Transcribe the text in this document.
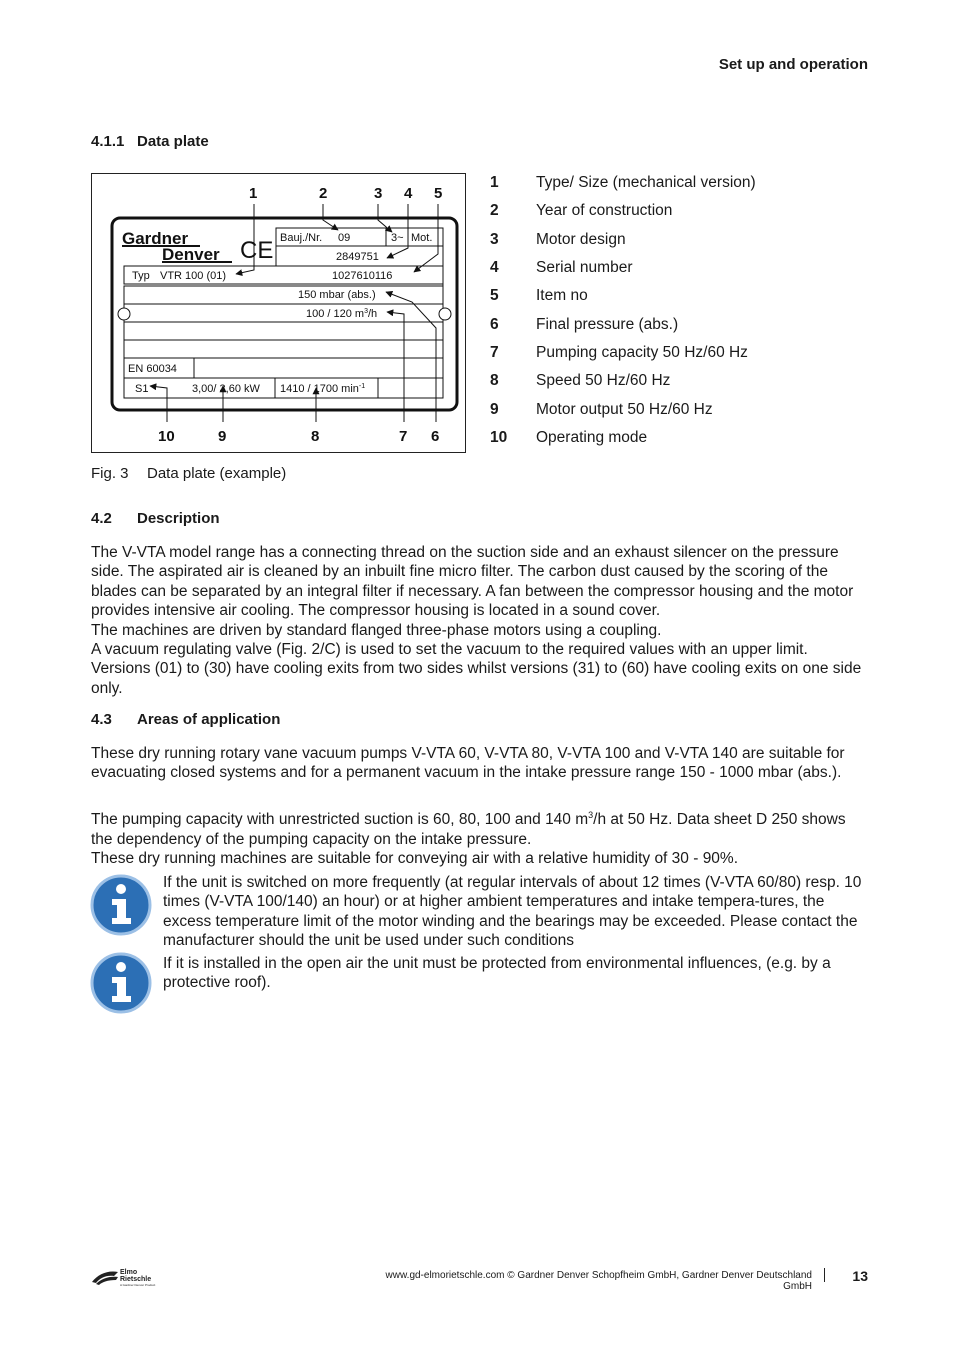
Set up and operation
4.1.1 Data plate
CE
Gardner
Denver
Bauj./Nr. 09	3~ Mot.
2849751
Typ VTR 100 (01)	1027610116
150 mbar (abs.)
100 / 120 $m^3/h$
EN 60034
S1	3,00/ 3,60 kW 1410 / 1700 $\min^{-1}$
1	2	3 4 5
10	9	8	7 6
1	Type/ Size (mechanical version)
2	Year of construction
3	Motor design
4	Serial number
5	Item no
6	Final pressure (abs.)
7	Pumping capacity 50 Hz/60 Hz
8	Speed 50 Hz/60 Hz
9	Motor output 50 Hz/60 Hz
10	Operating mode
Fig. 3 Data plate (example)
4.2 Description
The V-VTA model range has a connecting thread on the suction side and an exhaust silencer on the pressure side. The aspirated air is cleaned by an inbuilt fine micro filter. The carbon dust caused by the scoring of the blades can be separated by an integral filter if necessary. A fan between the compressor housing and the motor provides intensive air cooling. The compressor housing is located in a sound cover.
The machines are driven by standard flanged three-phase motors using a coupling.
A vacuum regulating valve (Fig. 2/C) is used to set the vacuum to the required values with an upper limit.
Versions (01) to (30) have cooling exits from two sides whilst versions (31) to (60) have cooling exits on one side only.
4.3 Areas of application
These dry running rotary vane vacuum pumps V-VTA 60, V-VTA 80, V-VTA 100 and V-VTA 140 are suitable for evacuating closed systems and for a permanent vacuum in the intake pressure range 150 - 1000 mbar (abs.).
The pumping capacity with unrestricted suction is 60, 80, 100 and 140 $m^3/h$ at 50 Hz. Data sheet D 250 shows the dependency of the pumping capacity on the intake pressure.
These dry running machines are suitable for conveying air with a relative humidity of 30 - 90%.
If the unit is switched on more frequently (at regular intervals of about 12 times (V-VTA 60/80) resp. 10 times (V-VTA 100/140) an hour) or at higher ambient temperatures and intake tempera-tures, the excess temperature limit of the motor winding and the bearings may be exceeded. Please contact the manufacturer should the unit be used under such conditions
If it is installed in the open air the unit must be protected from environmental influences, (e.g. by a protective roof).
Elmo
Rietschle
A Gardner Denver Product
www.gd-elmorietschle.com © Gardner Denver Schopfheim GmbH, Gardner Denver Deutschland GmbH
13
